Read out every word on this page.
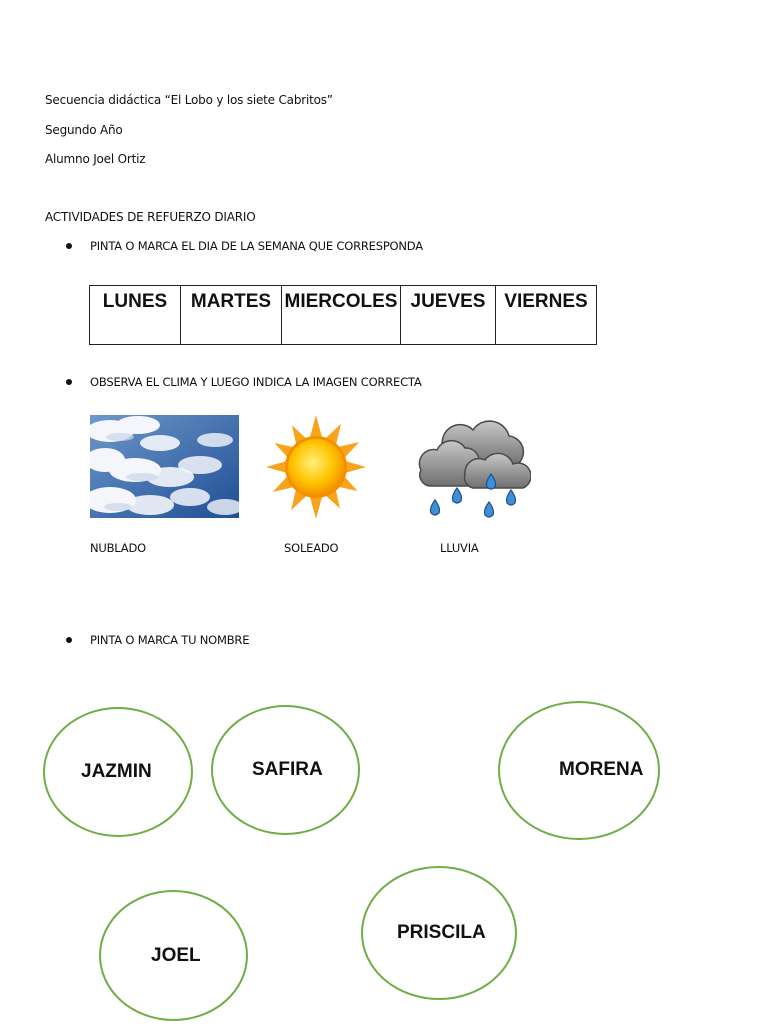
Secuencia didáctica “El Lobo y los siete Cabritos”
Segundo Año
Alumno Joel Ortiz
ACTIVIDADES DE REFUERZO DIARIO
PINTA O MARCA EL DIA DE LA SEMANA QUE CORRESPONDA
LUNES	MARTES	MIERCOLES	JUEVES	VIERNES
OBSERVA EL CLIMA Y LUEGO INDICA LA IMAGEN CORRECTA
NUBLADO	SOLEADO	LLUVIA
PINTA O MARCA TU NOMBRE
JAZMIN	SAFIRA	MORENA
JOEL
PRISCILA
